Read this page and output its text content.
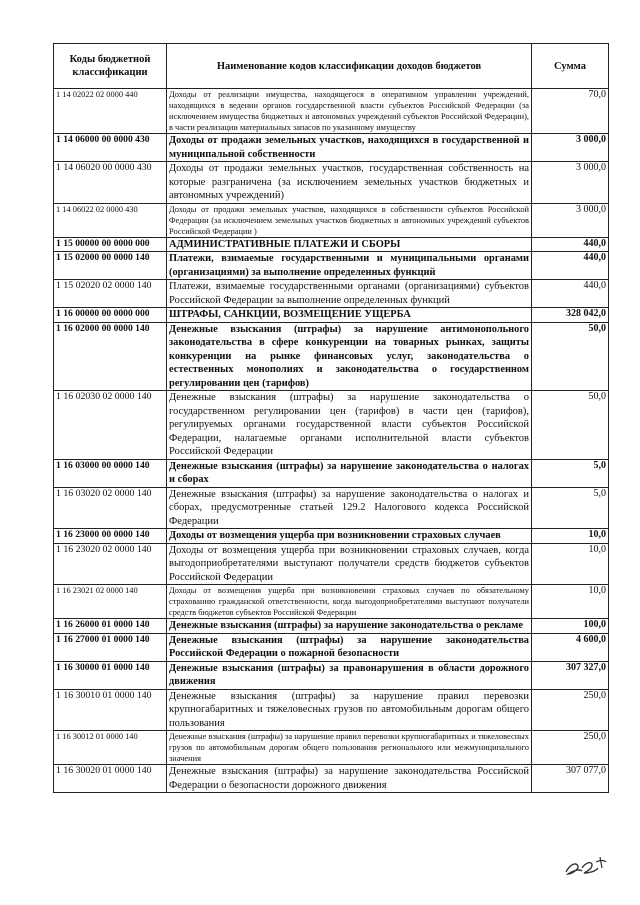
Коды бюджетной классификации	Наименование кодов классификации доходов бюджетов	Сумма
1 14 02022 02 0000 440	Доходы от реализации имущества, находящегося в оперативном управлении учреждений, находящихся в ведении органов государственной власти субъектов Российской Федерации (за исключением имущества бюджетных и автономных учреждений субъектов Российской Федерации), в части реализации материальных запасов по указанному имуществу	70,0
1 14 06000 00 0000 430	Доходы от продажи земельных участков, находящихся в государственной и муниципальной собственности	3 000,0
1 14 06020 00 0000 430	Доходы от продажи земельных участков, государственная собственность на которые разграничена (за исключением земельных участков бюджетных и автономных учреждений)	3 000,0
1 14 06022 02 0000 430	Доходы от продажи земельных участков, находящихся в собственности субъектов Российской Федерации (за исключением земельных участков бюджетных и автономных учреждений субъектов Российской Федерации )	3 000,0
1 15 00000 00 0000 000	АДМИНИСТРАТИВНЫЕ ПЛАТЕЖИ И СБОРЫ	440,0
1 15 02000 00 0000 140	Платежи, взимаемые государственными и муниципальными органами (организациями) за выполнение определенных функций	440,0
1 15 02020 02 0000 140	Платежи, взимаемые государственными органами (организациями) субъектов Российской Федерации за выполнение определенных функций	440,0
1 16 00000 00 0000 000	ШТРАФЫ, САНКЦИИ, ВОЗМЕЩЕНИЕ УЩЕРБА	328 042,0
1 16 02000 00 0000 140	Денежные взыскания (штрафы) за нарушение антимонопольного законодательства в сфере конкуренции на товарных рынках, защиты конкуренции на рынке финансовых услуг, законодательства о естественных монополиях и законодательства о государственном регулировании цен (тарифов)	50,0
1 16 02030 02 0000 140	Денежные взыскания (штрафы) за нарушение законодательства о государственном регулировании цен (тарифов) в части цен (тарифов), регулируемых органами государственной власти субъектов Российской Федерации, налагаемые органами исполнительной власти субъектов Российской Федерации	50,0
1 16 03000 00 0000 140	Денежные взыскания (штрафы) за нарушение законодательства о налогах и сборах	5,0
1 16 03020 02 0000 140	Денежные взыскания (штрафы) за нарушение законодательства о налогах и сборах, предусмотренные статьей 129.2 Налогового кодекса Российской Федерации	5,0
1 16 23000 00 0000 140	Доходы от возмещения ущерба при возникновении страховых случаев	10,0
1 16 23020 02 0000 140	Доходы от возмещения ущерба при возникновении страховых случаев, когда выгодоприобретателями выступают получатели средств бюджетов субъектов Российской Федерации	10,0
1 16 23021 02 0000 140	Доходы от возмещения ущерба при возникновении страховых случаев по обязательному страхованию гражданской ответственности, когда выгодоприобретателями выступают получатели средств бюджетов субъектов Российской Федерации	10,0
1 16 26000 01 0000 140	Денежные взыскания (штрафы) за нарушение законодательства о рекламе	100,0
1 16 27000 01 0000 140	Денежные взыскания (штрафы) за нарушение законодательства Российской Федерации о пожарной безопасности	4 600,0
1 16 30000 01 0000 140	Денежные взыскания (штрафы) за правонарушения в области дорожного движения	307 327,0
1 16 30010 01 0000 140	Денежные взыскания (штрафы) за нарушение правил перевозки крупногабаритных и тяжеловесных грузов по автомобильным дорогам общего пользования	250,0
1 16 30012 01 0000 140	Денежные взыскания (штрафы) за нарушение правил перевозки крупногабаритных и тяжеловесных грузов по автомобильным дорогам общего пользования регионального или межмуниципального значения	250,0
1 16 30020 01 0000 140	Денежные взыскания (штрафы) за нарушение законодательства Российской Федерации о безопасности дорожного движения	307 077,0
